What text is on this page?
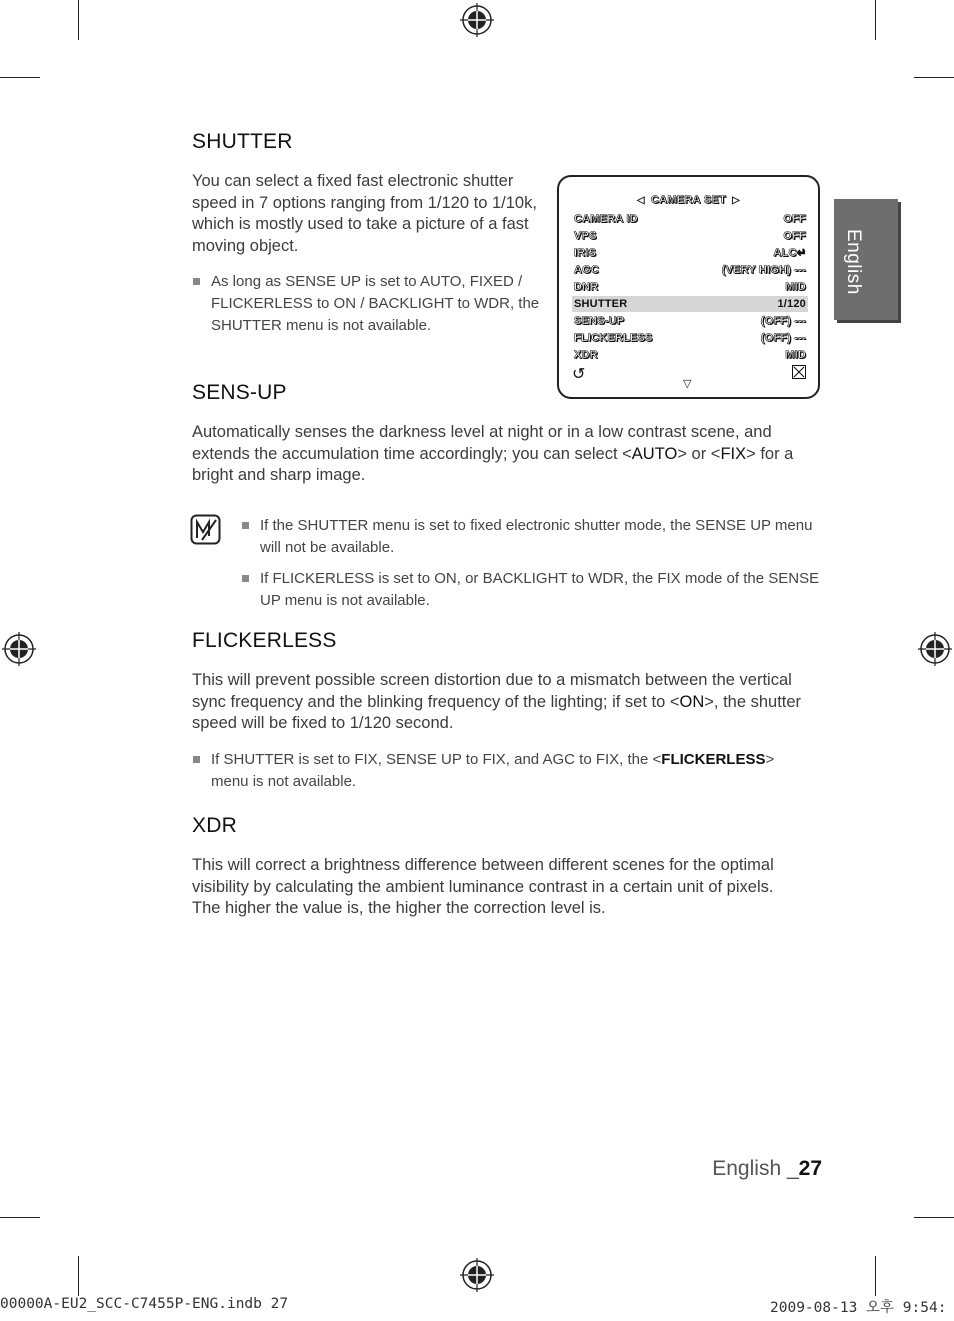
English
SHUTTER

You can select a fixed fast electronic shutter speed in 7 options ranging from 1/120 to 1/10k, which is mostly used to take a picture of a fast moving object.

As long as SENSE UP is set to AUTO, FIXED / FLICKERLESS to ON / BACKLIGHT to WDR, the SHUTTER menu is not available.
◁ CAMERA SET ▷
CAMERA ID	OFF
VPS	OFF
IRIS	ALC↵
AGC	(VERY HIGH) ---
DNR	MID
SHUTTER	1/120
SENS-UP	(OFF) ---
FLICKERLESS	(OFF) ---
XDR	MID
↺
▽
SENS-UP

Automatically senses the darkness level at night or in a low contrast scene, and extends the accumulation time accordingly; you can select <AUTO> or <FIX> for a bright and sharp image.

If the SHUTTER menu is set to fixed electronic shutter mode, the SENSE UP menu will not be available.
If FLICKERLESS is set to ON, or BACKLIGHT to WDR, the FIX mode of the SENSE UP menu is not available.
FLICKERLESS

This will prevent possible screen distortion due to a mismatch between the vertical sync frequency and the blinking frequency of the lighting; if set to <ON>, the shutter speed will be fixed to 1/120 second.

If SHUTTER is set to FIX, SENSE UP to FIX, and AGC to FIX, the <FLICKERLESS> menu is not available.
XDR

This will correct a brightness difference between different scenes for the optimal visibility by calculating the ambient luminance contrast in a certain unit of pixels. The higher the value is, the higher the correction level is.

English _27
00000A-EU2_SCC-C7455P-ENG.indb 27	2009-08-13 오후 9:54:
